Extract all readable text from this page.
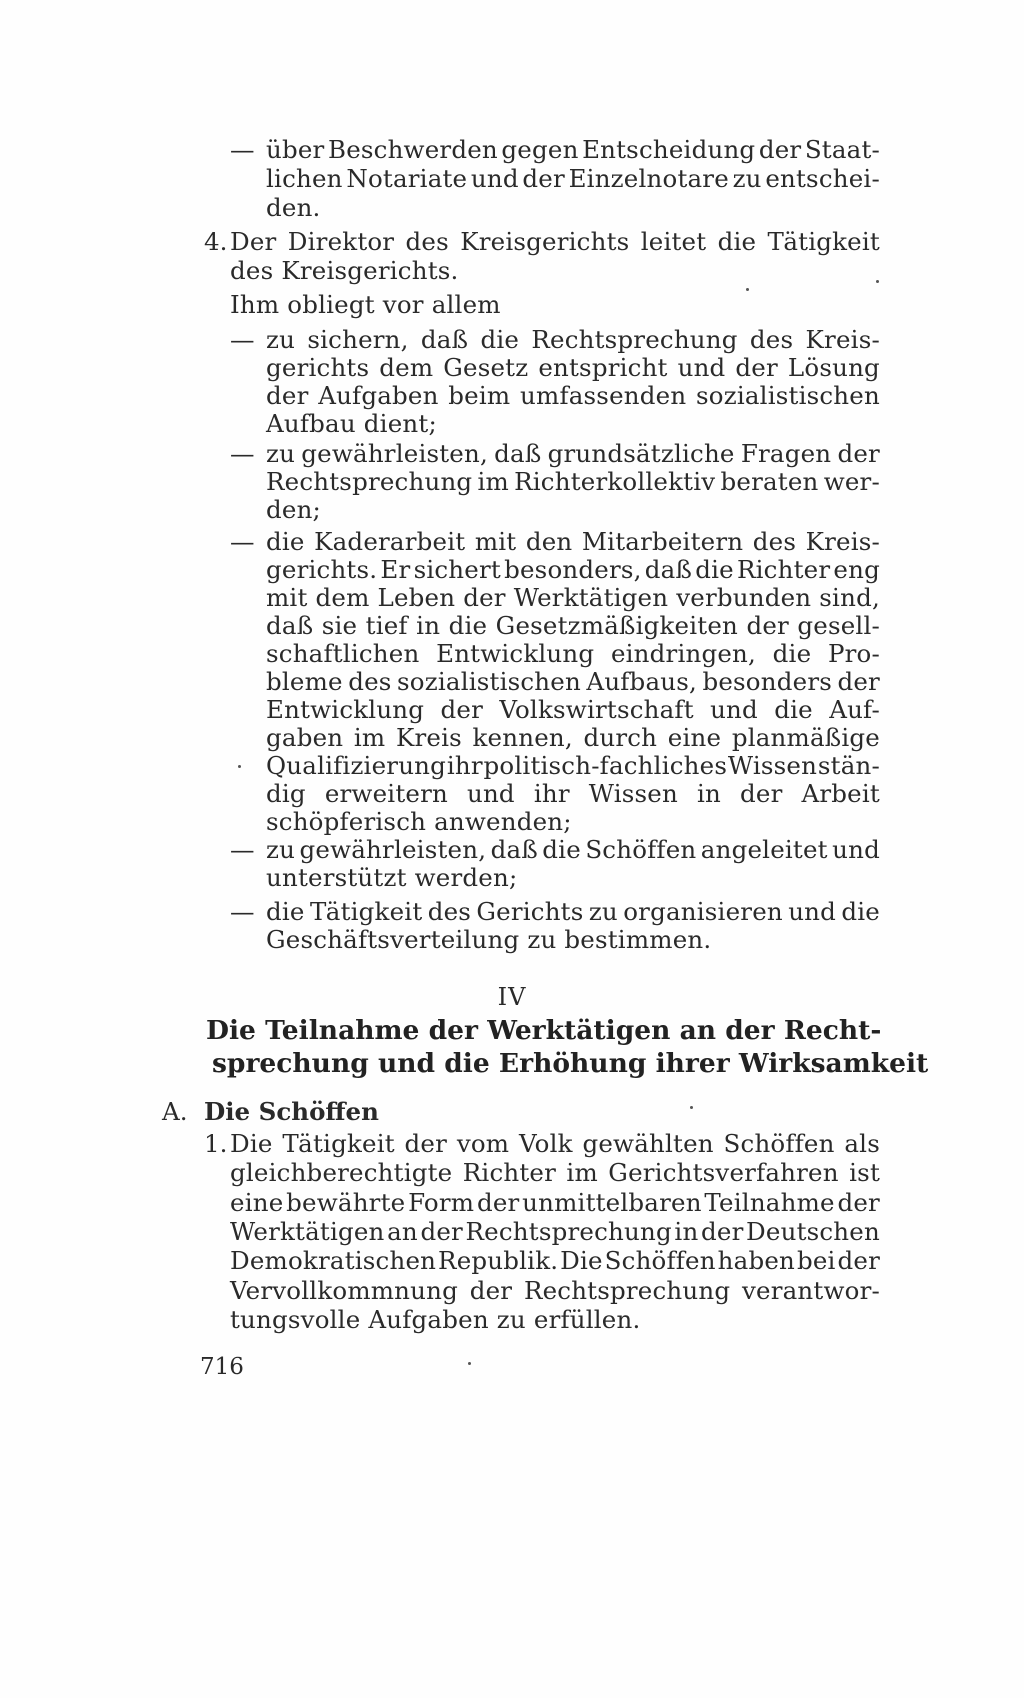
— über Beschwerden gegen Entscheidung der Staat-
lichen Notariate und der Einzelnotare zu entschei-
den.
4. Der Direktor des Kreisgerichts leitet die Tätigkeit
des Kreisgerichts.
Ihm obliegt vor allem
— zu sichern, daß die Rechtsprechung des Kreis-
gerichts dem Gesetz entspricht und der Lösung
der Aufgaben beim umfassenden sozialistischen
Aufbau dient;
— zu gewährleisten, daß grundsätzliche Fragen der
Rechtsprechung im Richterkollektiv beraten wer-
den;
— die Kaderarbeit mit den Mitarbeitern des Kreis-
gerichts. Er sichert besonders, daß die Richter eng
mit dem Leben der Werktätigen verbunden sind,
daß sie tief in die Gesetzmäßigkeiten der gesell-
schaftlichen Entwicklung eindringen, die Pro-
bleme des sozialistischen Aufbaus, besonders der
Entwicklung der Volkswirtschaft und die Auf-
gaben im Kreis kennen, durch eine planmäßige
Qualifizierung ihr politisch-fachliches Wissen stän-
dig erweitern und ihr Wissen in der Arbeit
schöpferisch anwenden;
— zu gewährleisten, daß die Schöffen angeleitet und
unterstützt werden;
— die Tätigkeit des Gerichts zu organisieren und die
Geschäftsverteilung zu bestimmen.
IV
Die Teilnahme der Werktätigen an der Recht-
sprechung und die Erhöhung ihrer Wirksamkeit
A. Die Schöffen
1. Die Tätigkeit der vom Volk gewählten Schöffen als
gleichberechtigte Richter im Gerichtsverfahren ist
eine bewährte Form der unmittelbaren Teilnahme der
Werktätigen an der Rechtsprechung in der Deutschen
Demokratischen Republik. Die Schöffen haben bei der
Vervollkommnung der Rechtsprechung verantwor-
tungsvolle Aufgaben zu erfüllen.
716
